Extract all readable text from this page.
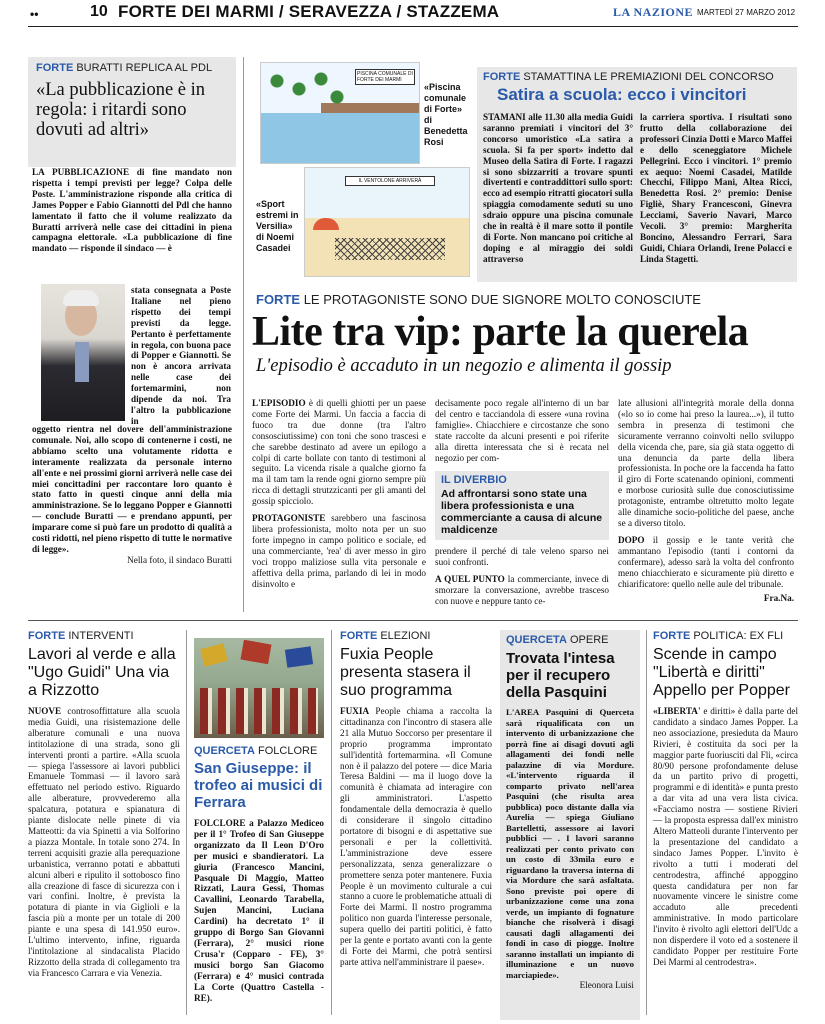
••	10 FORTE DEI MARMI / SERAVEZZA / STAZZEMA	LA NAZIONE MARTEDÌ 27 MARZO 2012
FORTE BURATTI REPLICA AL PDL
«La pubblicazione è in regola: i ritardi sono dovuti ad altri»

LA PUBBLICAZIONE di fine mandato non rispetta i tempi previsti per legge? Colpa delle Poste. L'amministrazione risponde alla critica di James Popper e Fabio Giannotti del Pdl che hanno lamentato il fatto che il volume realizzato da Buratti arriverà nelle case dei cittadini in piena campagna elettorale. «La pubblicazione di fine mandato — risponde il sindaco — è

stata consegnata a Poste Italiane nel pieno rispetto dei tempi previsti da legge. Pertanto è perfettamente in regola, con buona pace di Popper e Giannotti. Se non è ancora arrivata nelle case dei fortemarmini, non dipende da noi. Tra l'altro la pubblicazione in

oggetto rientra nel dovere dell'amministrazione comunale. Noi, allo scopo di contenerne i costi, ne abbiamo scelto una volutamente ridotta e interamente realizzata da personale interno all'ente e nei prossimi giorni arriverà nelle case dei miei concittadini per raccontare loro quanto è stato fatto in questi cinque anni della mia amministrazione. Se lo leggano Popper e Giannotti — conclude Buratti — e prendano appunti, per imparare come si può fare un prodotto di qualità a costi ridotti, nel pieno rispetto di tutte le normative di legge».

Nella foto, il sindaco Buratti

PISCINA COMUNALE DI FORTE DEI MARMI
«Piscina comunale di Forte» di Benedetta Rosi
IL VENTOLONE ARRIVERÀ
«Sport estremi in Versilia» di Noemi Casadei
FORTE STAMATTINA LE PREMIAZIONI DEL CONCORSO
Satira a scuola: ecco i vincitori

STAMANI alle 11.30 alla media Guidi saranno premiati i vincitori del 3° concorso umoristico «La satira a scuola. Si fa per sport» indetto dal Museo della Satira di Forte. I ragazzi si sono sbizzarriti a trovare spunti divertenti e contraddittori sullo sport: ecco ad esempio ritratti giocatori sulla spiaggia comodamente seduti su uno sdraio oppure una piscina comunale che in realtà è il mare sotto il pontile di Forte. Non mancano poi critiche al doping e al miraggio dei soldi attraverso

la carriera sportiva. I risultati sono frutto della collaborazione dei professori Cinzia Dotti e Marco Maffei e dello sceneggiatore Michele Pellegrini. Ecco i vincitori. 1° premio ex aequo: Noemi Casadei, Matilde Checchi, Filippo Mani, Altea Ricci, Benedetta Rosi. 2° premio: Denise Figliè, Shary Francesconi, Ginevra Lecciami, Saverio Navari, Marco Vecoli. 3° premio: Margherita Boncino, Alessandro Ferrari, Sara Guidi, Chiara Orlandi, Irene Polacci e Linda Stagetti.

FORTE LE PROTAGONISTE SONO DUE SIGNORE MOLTO CONOSCIUTE
Lite tra vip: parte la querela
L'episodio è accaduto in un negozio e alimenta il gossip

L'EPISODIO è di quelli ghiotti per un paese come Forte dei Marmi. Un faccia a faccia di fuoco tra due donne (tra l'altro consosciutissime) con toni che sono trascesi e che sarebbe destinato ad avere un epilogo a colpi di carte bollate con tanto di testimoni al seguito. La vicenda risale a qualche giorno fa ma il tam tam la rende ogni giorno sempre più ricca di dettagli strutzzicanti per gli amanti del gossip spicciolo.

PROTAGONISTE sarebbero una fascinosa libera professionista, molto nota per un suo forte impegno in campo politico e sociale, ed una commerciante, 'rea' di aver messo in giro voci troppo maliziose sulla vita personale e affettiva della prima, parlando di lei in modo disinvolto e

decisamente poco regale all'interno di un bar del centro e tacciandola di essere «una rovina famiglie». Chiacchiere e circostanze che sono state raccolte da alcuni presenti e poi riferite alla diretta interessata che si è recata nel negozio per com-

IL DIVERBIO
Ad affrontarsi sono state una libera professionista e una commerciante a causa di alcune maldicenze

prendere il perché di tale veleno sparso nei suoi confronti.

A QUEL PUNTO la commerciante, invece di smorzare la conversazione, avrebbe trasceso con nuove e neppure tanto ce-

late allusioni all'integrità morale della donna («lo so io come hai preso la laurea...»), il tutto sembra in presenza di testimoni che sicuramente verranno coinvolti nello sviluppo della vicenda che, pare, sia già stata oggetto di una denuncia da parte della libera professionista. In poche ore la faccenda ha fatto il giro di Forte scatenando opinioni, commenti e morbose curiosità sulle due conosciutissime protagoniste, entrambe oltretutto molto legate alle dinamiche socio-politiche del paese, anche se a diverso titolo.

DOPO il gossip e le tante verità che ammantano l'episodio (tanti i contorni da confermare), adesso sarà la volta del confronto meno chiacchierato e sicuramente più diretto e chiarificatore: quello nelle aule del tribunale.

Fra.Na.

FORTE INTERVENTI
Lavori al verde e alla "Ugo Guidi" Una via a Rizzotto

NUOVE controsoffittature alla scuola media Guidi, una risistemazione delle alberature comunali e una nuova intitolazione di una strada, sono gli interventi pronti a partire. «Alla scuola — spiega l'assessore ai lavori pubblici Emanuele Tommasi — il lavoro sarà effettuato nel periodo estivo. Riguardo alle alberature, provvederemo alla spalcatura, potatura e spianatura di piante dislocate nelle pinete di via Matteotti: da via Spinetti a via Solforino a piazza Montale. In totale sono 274. In terreni acquisiti grazie alla perequazione urbanistica, verranno potati e abbattuti alcuni alberi e ripulito il sottobosco fino alla creazione di fasce di sicurezza con i vari confini. Inoltre, è prevista la potatura di piante in via Giglioli e la fascia più a monte per un totale di 200 piante e una spesa di 141.950 euro». L'ultimo intervento, infine, riguarda l'intitolazione al sindacalista Placido Rizzotto della strada di collegamento tra via Francesco Carrara e via Venezia.

QUERCETA FOLCLORE
San Giuseppe: il trofeo ai musici di Ferrara

FOLCLORE a Palazzo Mediceo per il 1° Trofeo di San Giuseppe organizzato da Il Leon D'Oro per musici e sbandieratori. La giuria (Francesco Mancini, Pasquale Di Maggio, Matteo Rizzati, Laura Gessi, Thomas Cavallini, Leonardo Tarabella, Sujen Mancini, Luciana Cardini) ha decretato 1° il gruppo di Borgo San Giovanni (Ferrara), 2° musici rione Crusa'r (Copparo - FE), 3° musici borgo San Giacomo (Ferrara) e 4° musici contrada La Corte (Quattro Castella - RE).

FORTE ELEZIONI
Fuxia People presenta stasera il suo programma

FUXIA People chiama a raccolta la cittadinanza con l'incontro di stasera alle 21 alla Mutuo Soccorso per presentare il proprio programma improntato sull'identità fortemarmina. «Il Comune non è il palazzo del potere — dice Maria Teresa Baldini — ma il luogo dove la comunità è chiamata ad interagire con gli amministratori. L'aspetto fondamentale della democrazia è quello di considerare il singolo cittadino portatore di bisogni e di aspettative sue personali e per la collettività. L'amministrazione deve essere personalizzata, senza generalizzare o promettere senza poter mantenere. Fuxia People è un movimento culturale a cui stanno a cuore le problematiche attuali di Forte dei Marmi. Il nostro programma politico non guarda l'interesse personale, supera quello dei partiti politici, è fatto per la gente e portato avanti con la gente di Forte dei Marmi, che potrà sentirsi parte attiva nell'amministrare il paese».

QUERCETA OPERE
Trovata l'intesa per il recupero della Pasquini

L'AREA Pasquini di Querceta sarà riqualificata con un intervento di urbanizzazione che porrà fine ai disagi dovuti agli allagamenti dei fondi nelle palazzine di via Mordure. «L'intervento riguarda il comparto privato nell'area Pasquini (che risulta area pubblica) poco distante dalla via Aurelia — spiega Giuliano Bartelletti, assessore ai lavori pubblici — . I lavori saranno realizzati per conto privato con un costo di 33mila euro e riguardano la traversa interna di via Mordure che sarà asfaltata. Sono previste poi opere di urbanizzazione come una zona verde, un impianto di fognature bianche che risolverà i disagi causati dagli allagamenti dei fondi in caso di piogge. Inoltre saranno installati un impianto di illuminazione e un nuovo marciapiede».

Eleonora Luisi
FORTE POLITICA: EX FLI
Scende in campo "Libertà e diritti" Appello per Popper

«LIBERTA' e diritti» è dalla parte del candidato a sindaco James Popper. La neo associazione, presieduta da Mauro Rivieri, è costituita da soci per la maggior parte fuoriusciti dal Fli, «circa 80/90 persone profondamente deluse da un partito privo di progetti, programmi e di identità» e punta presto a dar vita ad una vera lista civica. «Facciamo nostra — sostiene Rivieri — la proposta espressa dall'ex ministro Altero Matteoli durante l'intervento per la presentazione del candidato a sindaco James Popper. L'invito è rivolto a tutti i moderati del centrodestra, affinché appoggino questa candidatura per non far nuovamente vincere le sinistre come accaduto alle precedenti amministrative. In modo particolare l'invito è rivolto agli elettori dell'Udc a non disperdere il voto ed a sostenere il candidato Popper per restituire Forte Dei Marmi al centrodestra».
